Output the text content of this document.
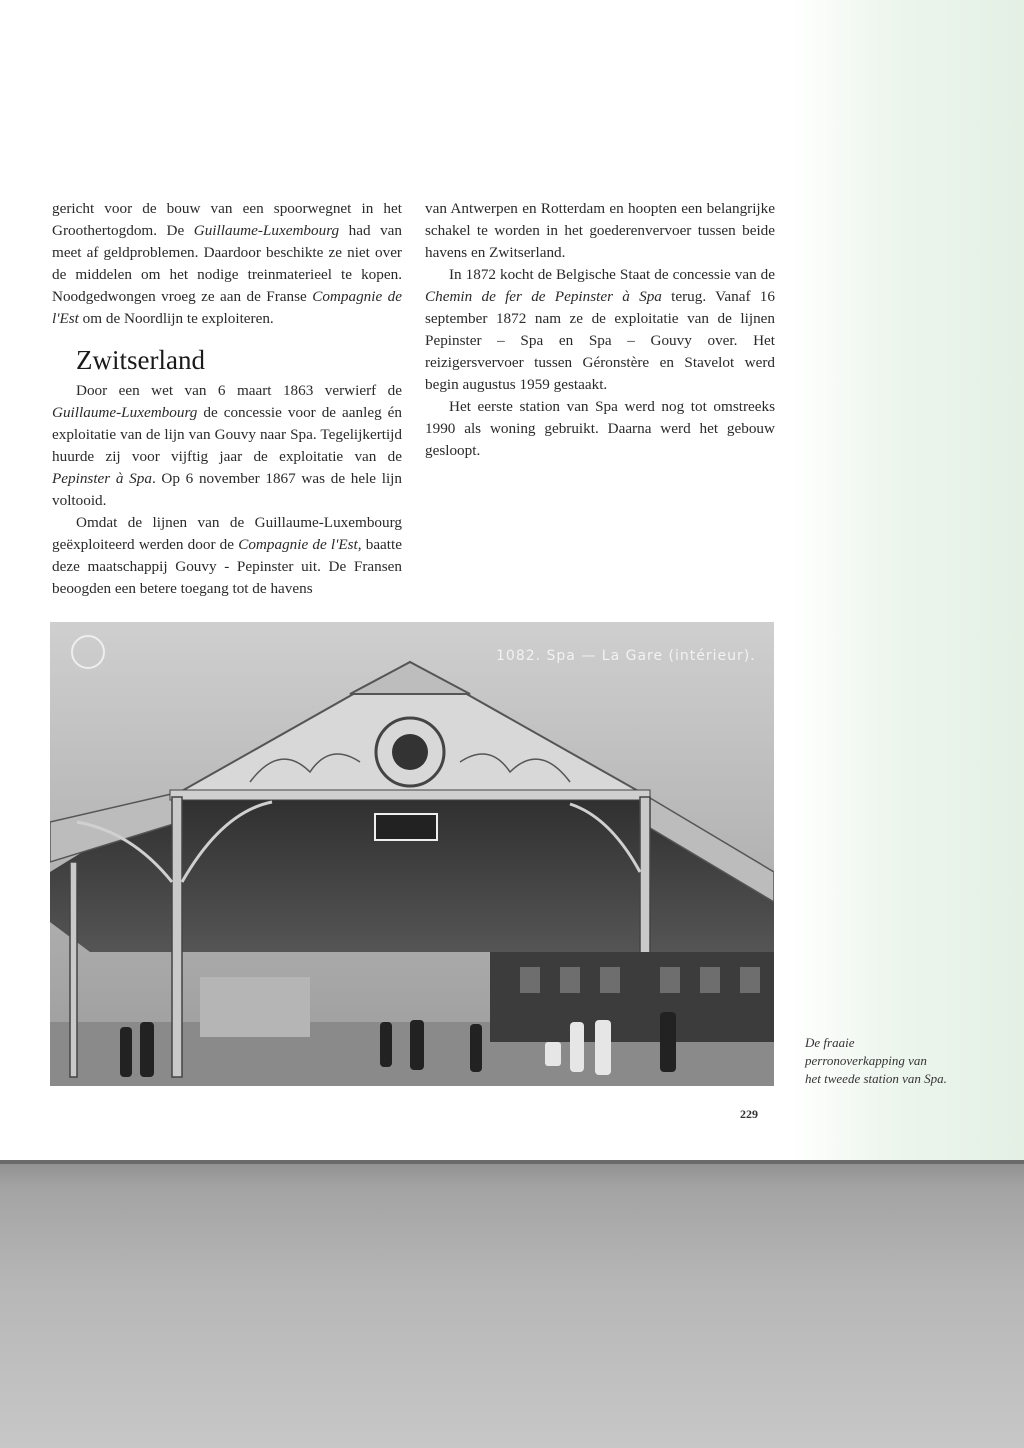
gericht voor de bouw van een spoorwegnet in het Groothertogdom. De Guillaume-Luxembourg had van meet af geldproblemen. Daardoor beschikte ze niet over de middelen om het nodige treinmaterieel te kopen. Noodgedwongen vroeg ze aan de Franse Compagnie de l'Est om de Noordlijn te exploiteren.

Zwitserland

Door een wet van 6 maart 1863 verwierf de Guillaume-Luxembourg de concessie voor de aanleg én exploitatie van de lijn van Gouvy naar Spa. Tegelijkertijd huurde zij voor vijftig jaar de exploitatie van de Pepinster à Spa. Op 6 november 1867 was de hele lijn voltooid.

Omdat de lijnen van de Guillaume-Luxembourg geëxploiteerd werden door de Compagnie de l'Est, baatte deze maatschappij Gouvy - Pepinster uit. De Fransen beoogden een betere toegang tot de havens

van Antwerpen en Rotterdam en hoopten een belangrijke schakel te worden in het goederenvervoer tussen beide havens en Zwitserland.

In 1872 kocht de Belgische Staat de concessie van de Chemin de fer de Pepinster à Spa terug. Vanaf 16 september 1872 nam ze de exploitatie van de lijnen Pepinster – Spa en Spa – Gouvy over. Het reizigersvervoer tussen Géronstère en Stavelot werd begin augustus 1959 gestaakt.

Het eerste station van Spa werd nog tot omstreeks 1990 als woning gebruikt. Daarna werd het gebouw gesloopt.

1082. Spa — La Gare (intérieur).
De fraaie
perronoverkapping van
het tweede station van Spa.
229
